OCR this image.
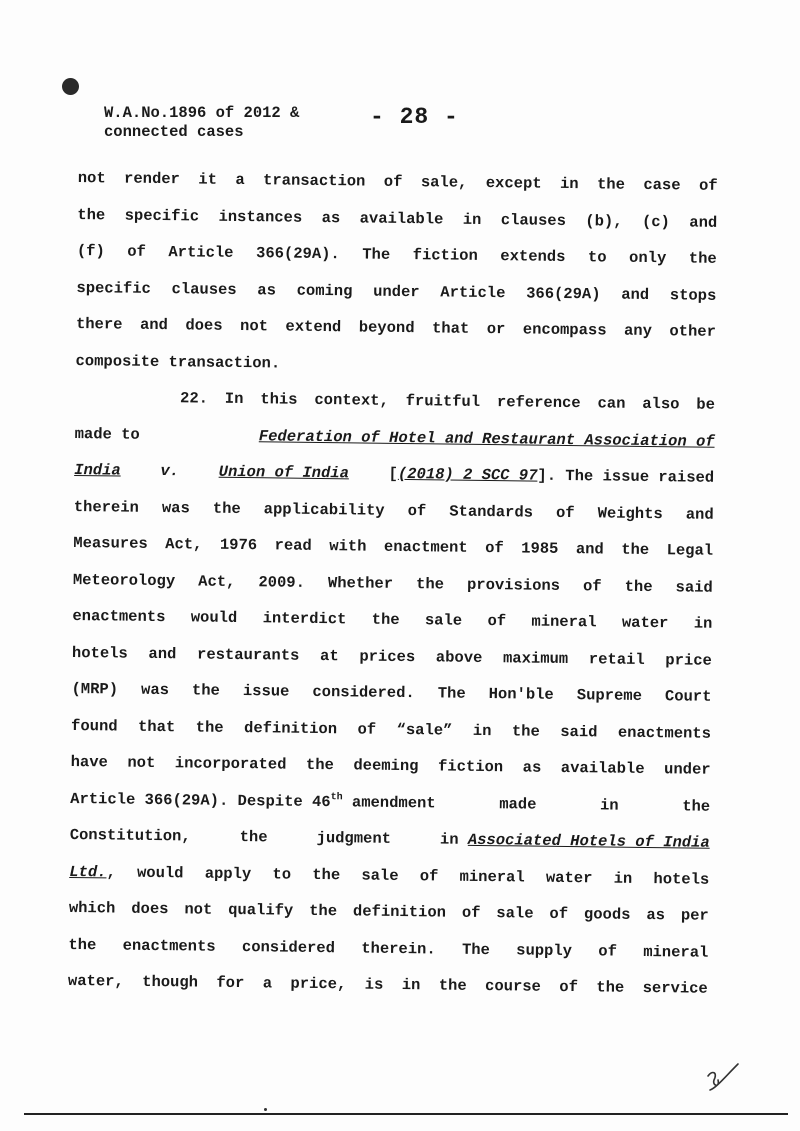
W.A.No.1896 of 2012 &
connected cases
- 28 -
not render it a transaction of sale, except in the case of
the specific instances as available in clauses (b), (c) and
(f) of Article 366(29A). The fiction extends to only the
specific clauses as coming under Article 366(29A) and stops
there and does not extend beyond that or encompass any other
composite transaction.
22. In this context, fruitful reference can also be
made to	Federation of Hotel and Restaurant Association of
India	v.	Union of India	[(2018) 2 SCC 97]. The issue raised
therein was the applicability of Standards of Weights and
Measures Act, 1976 read with enactment of 1985 and the Legal
Meteorology Act, 2009. Whether the provisions of the said
enactments would interdict the sale of mineral water in
hotels and restaurants at prices above maximum retail price
(MRP) was the issue considered. The Hon'ble Supreme Court
found that the definition of “sale” in the said enactments
have not incorporated the deeming fiction as available under
Article 366(29A). Despite 46th amendment	made	in	the
Constitution,	the	judgment	in Associated Hotels of India
Ltd. , would apply to the sale of mineral water in hotels
which does not qualify the definition of sale of goods as per
the enactments considered therein. The supply of mineral
water, though for a price, is in the course of the service
